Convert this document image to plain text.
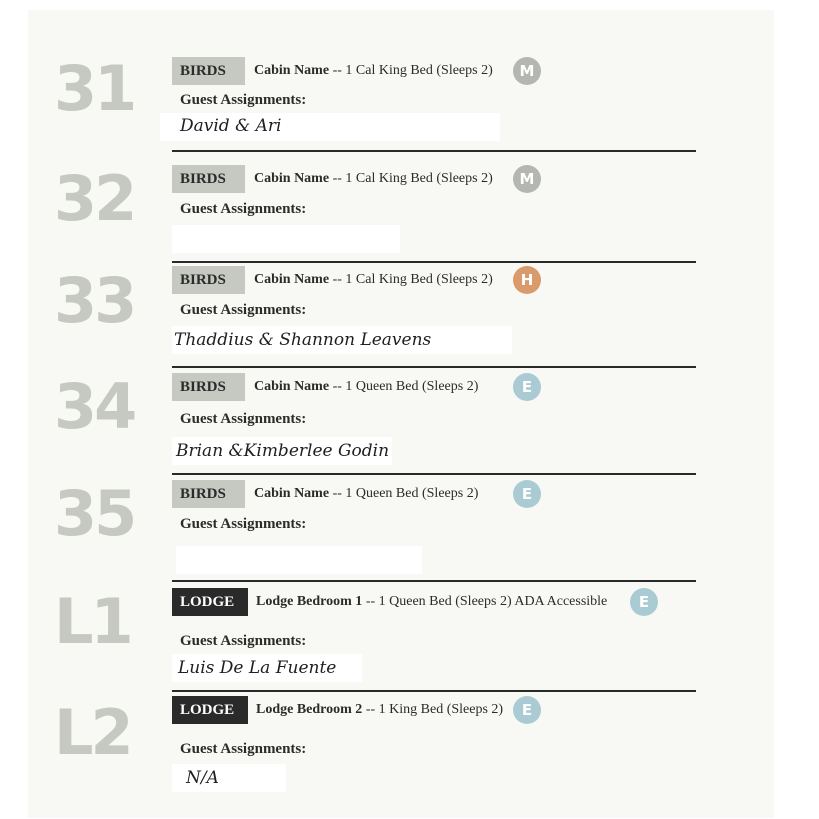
31	BIRDS	Cabin Name -- 1 Cal King Bed (Sleeps 2)	M
Guest Assignments:
David & Ari
32	BIRDS	Cabin Name -- 1 Cal King Bed (Sleeps 2)	M
Guest Assignments:
33	BIRDS	Cabin Name -- 1 Cal King Bed (Sleeps 2)	H
Guest Assignments:
Thaddius & Shannon Leavens
34	BIRDS	Cabin Name -- 1 Queen Bed (Sleeps 2)	E
Guest Assignments:
Brian &Kimberlee Godin
35	BIRDS	Cabin Name -- 1 Queen Bed (Sleeps 2)	E
Guest Assignments:
L1	LODGE	Lodge Bedroom 1 -- 1 Queen Bed (Sleeps 2) ADA Accessible	E
Guest Assignments:
Luis De La Fuente
L2	LODGE	Lodge Bedroom 2 -- 1 King Bed (Sleeps 2)	E
Guest Assignments:
N/A
